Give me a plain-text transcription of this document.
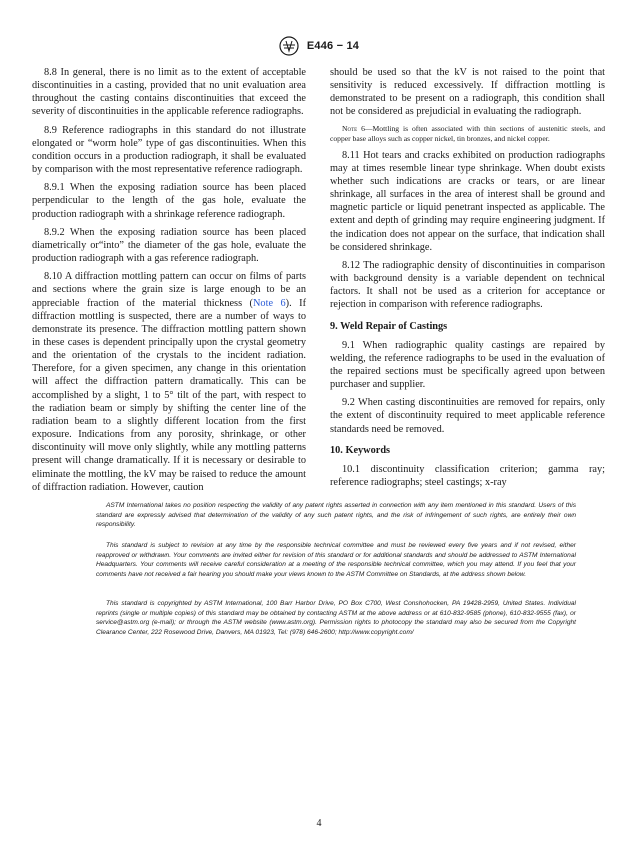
E446 − 14

8.8 In general, there is no limit as to the extent of acceptable discontinuities in a casting, provided that no unit evaluation area throughout the casting contains discontinuities that exceed the severity of discontinuities in the applicable reference radiographs.

8.9 Reference radiographs in this standard do not illustrate elongated or “worm hole” type of gas discontinuities. When this condition occurs in a production radiograph, it shall be evaluated by comparison with the most representative reference radiograph.

8.9.1 When the exposing radiation source has been placed perpendicular to the length of the gas hole, evaluate the production radiograph with a shrinkage reference radiograph.

8.9.2 When the exposing radiation source has been placed diametrically or“into” the diameter of the gas hole, evaluate the production radiograph with a gas reference radiograph.

8.10 A diffraction mottling pattern can occur on films of parts and sections where the grain size is large enough to be an appreciable fraction of the material thickness (Note 6). If diffraction mottling is suspected, there are a number of ways to demonstrate its presence. The diffraction mottling pattern shown in these cases is dependent principally upon the crystal geometry and the orientation of the crystals to the incident radiation. Therefore, for a given specimen, any change in this orientation will affect the diffraction pattern dramatically. This can be accomplished by a slight, 1 to 5° tilt of the part, with respect to the radiation beam or simply by shifting the center line of the radiation beam to a slightly different location from the first exposure. Indications from any porosity, shrinkage, or other discontinuity will move only slightly, while any mottling patterns present will change dramatically. If it is necessary or desirable to eliminate the mottling, the kV may be raised to reduce the amount of diffraction radiation. However, caution

should be used so that the kV is not raised to the point that sensitivity is reduced excessively. If diffraction mottling is demonstrated to be present on a radiograph, this condition shall not be considered as prejudicial in evaluating the radiograph.

Note 6—Mottling is often associated with thin sections of austenitic steels, and copper base alloys such as copper nickel, tin bronzes, and nickel copper.

8.11 Hot tears and cracks exhibited on production radiographs may at times resemble linear type shrinkage. When doubt exists whether such indications are cracks or tears, or are linear shrinkage, all surfaces in the area of interest shall be ground and magnetic particle or liquid penetrant inspected as applicable. The extent and depth of grinding may require engineering judgment. If the indication does not appear on the surface, that indication shall be considered shrinkage.

8.12 The radiographic density of discontinuities in comparison with background density is a variable dependent on technical factors. It shall not be used as a criterion for acceptance or rejection in comparison with reference radiographs.

9. Weld Repair of Castings

9.1 When radiographic quality castings are repaired by welding, the reference radiographs to be used in the evaluation of the repaired sections must be specifically agreed upon between purchaser and supplier.

9.2 When casting discontinuities are removed for repairs, only the extent of discontinuity required to meet applicable reference standards need be removed.

10. Keywords

10.1 discontinuity classification criterion; gamma ray; reference radiographs; steel castings; x-ray

ASTM International takes no position respecting the validity of any patent rights asserted in connection with any item mentioned in this standard. Users of this standard are expressly advised that determination of the validity of any such patent rights, and the risk of infringement of such rights, are entirely their own responsibility.

This standard is subject to revision at any time by the responsible technical committee and must be reviewed every five years and if not revised, either reapproved or withdrawn. Your comments are invited either for revision of this standard or for additional standards and should be addressed to ASTM International Headquarters. Your comments will receive careful consideration at a meeting of the responsible technical committee, which you may attend. If you feel that your comments have not received a fair hearing you should make your views known to the ASTM Committee on Standards, at the address shown below.

This standard is copyrighted by ASTM International, 100 Barr Harbor Drive, PO Box C700, West Conshohocken, PA 19428-2959, United States. Individual reprints (single or multiple copies) of this standard may be obtained by contacting ASTM at the above address or at 610-832-9585 (phone), 610-832-9555 (fax), or service@astm.org (e-mail); or through the ASTM website (www.astm.org). Permission rights to photocopy the standard may also be secured from the Copyright Clearance Center, 222 Rosewood Drive, Danvers, MA 01923, Tel: (978) 646-2600; http://www.copyright.com/

4
